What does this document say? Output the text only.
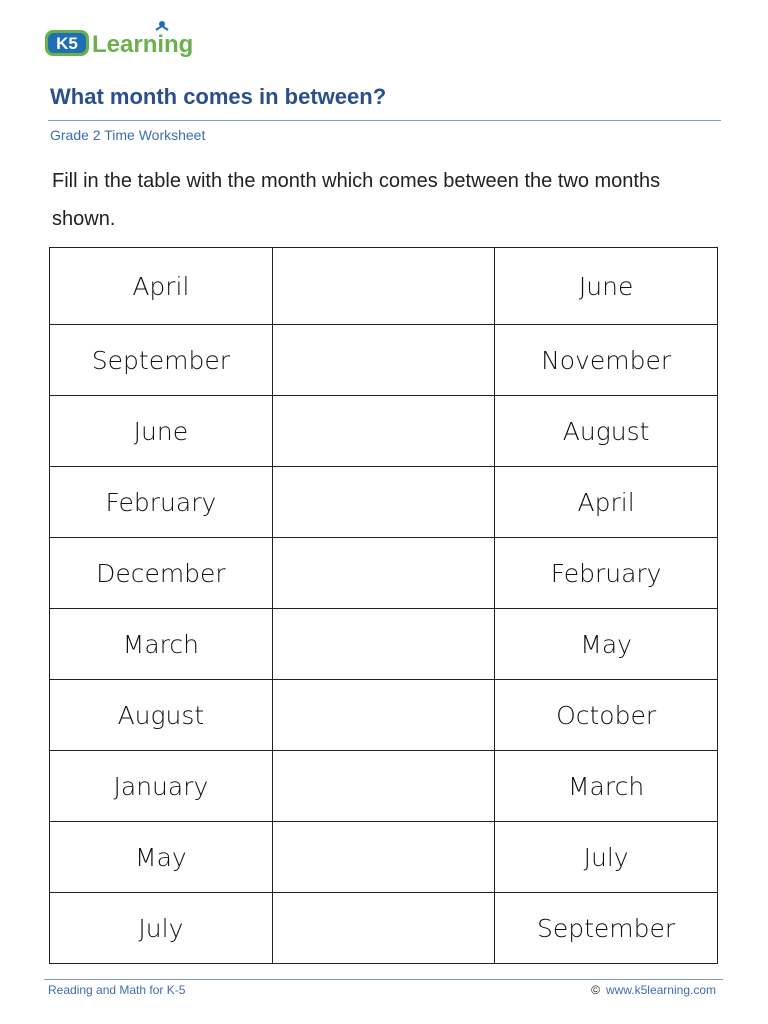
K5 Learning
What month comes in between?
Grade 2 Time Worksheet
Fill in the table with the month which comes between the two months shown.
April		June
September		November
June		August
February		April
December		February
March		May
August		October
January		March
May		July
July		September
Reading and Math for K-5	© www.k5learning.com
